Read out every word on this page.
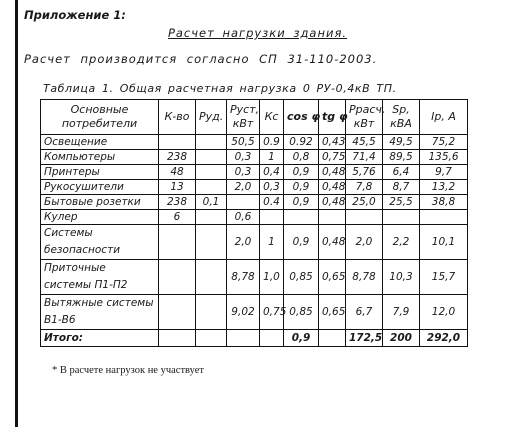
Приложение 1:
Расчет нагрузки здания.
Расчет производится согласно СП 31-110-2003.
Таблица 1. Общая расчетная нагрузка 0 РУ-0,4кВ ТП.
Основные потребители	К-во	Руд.	Руст, кВт	Кс	cos φ	tg φ	Ррасч, кВт	Sp, кВА	Ip, А
Освещение			50,5	0.9	0.92	0,43	45,5	49,5	75,2
Компьютеры	238		0,3	1	0,8	0,75	71,4	89,5	135,6
Принтеры	48		0,3	0,4	0,9	0,48	5,76	6,4	9,7
Рукосушители	13		2,0	0,3	0,9	0,48	7,8	8,7	13,2
Бытовые розетки	238	0,1		0.4	0,9	0,48	25,0	25,5	38,8
Кулер	6		0,6						
Системы безопасности			2,0	1	0,9	0,48	2,0	2,2	10,1
Приточные системы П1-П2			8,78	1,0	0,85	0,65	8,78	10,3	15,7
Вытяжные системы В1-В6			9,02	0,75	0,85	0,65	6,7	7,9	12,0
Итого:					0,9		172,5	200	292,0
* В расчете нагрузок не участвует
